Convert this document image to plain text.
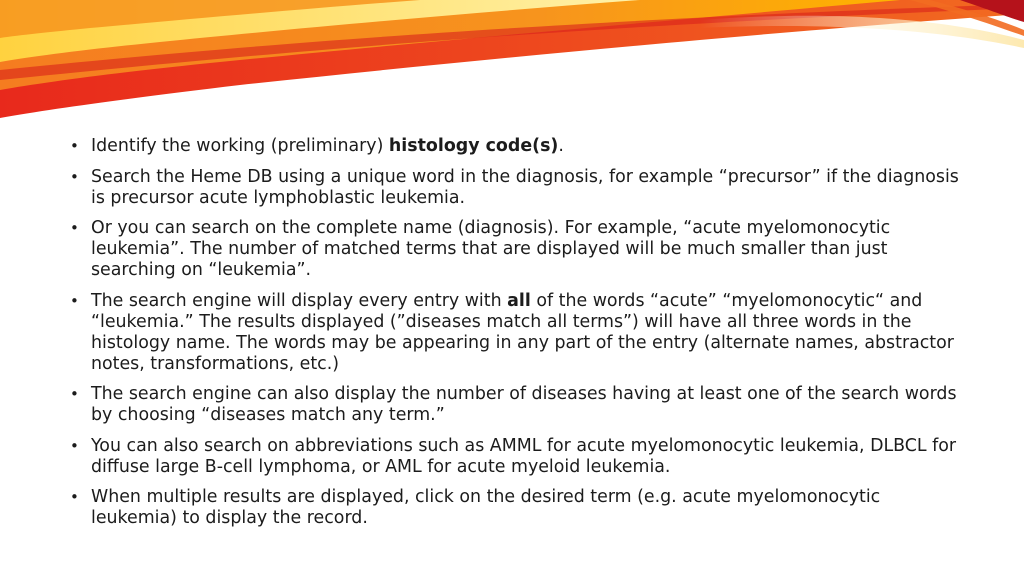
• Identify the working (preliminary) histology code(s).
• Search the Heme DB using a unique word in the diagnosis, for example “precursor” if the diagnosis is precursor acute lymphoblastic leukemia.
• Or you can search on the complete name (diagnosis). For example, “acute myelomonocytic leukemia”. The number of matched terms that are displayed will be much smaller than just searching on “leukemia”.
• The search engine will display every entry with all of the words “acute” “myelomonocytic“ and “leukemia.” The results displayed (”diseases match all terms”) will have all three words in the histology name. The words may be appearing in any part of the entry (alternate names, abstractor notes, transformations, etc.)
• The search engine can also display the number of diseases having at least one of the search words by choosing “diseases match any term.”
• You can also search on abbreviations such as AMML for acute myelomonocytic leukemia, DLBCL for diffuse large B-cell lymphoma, or AML for acute myeloid leukemia.
• When multiple results are displayed, click on the desired term (e.g. acute myelomonocytic leukemia) to display the record.
